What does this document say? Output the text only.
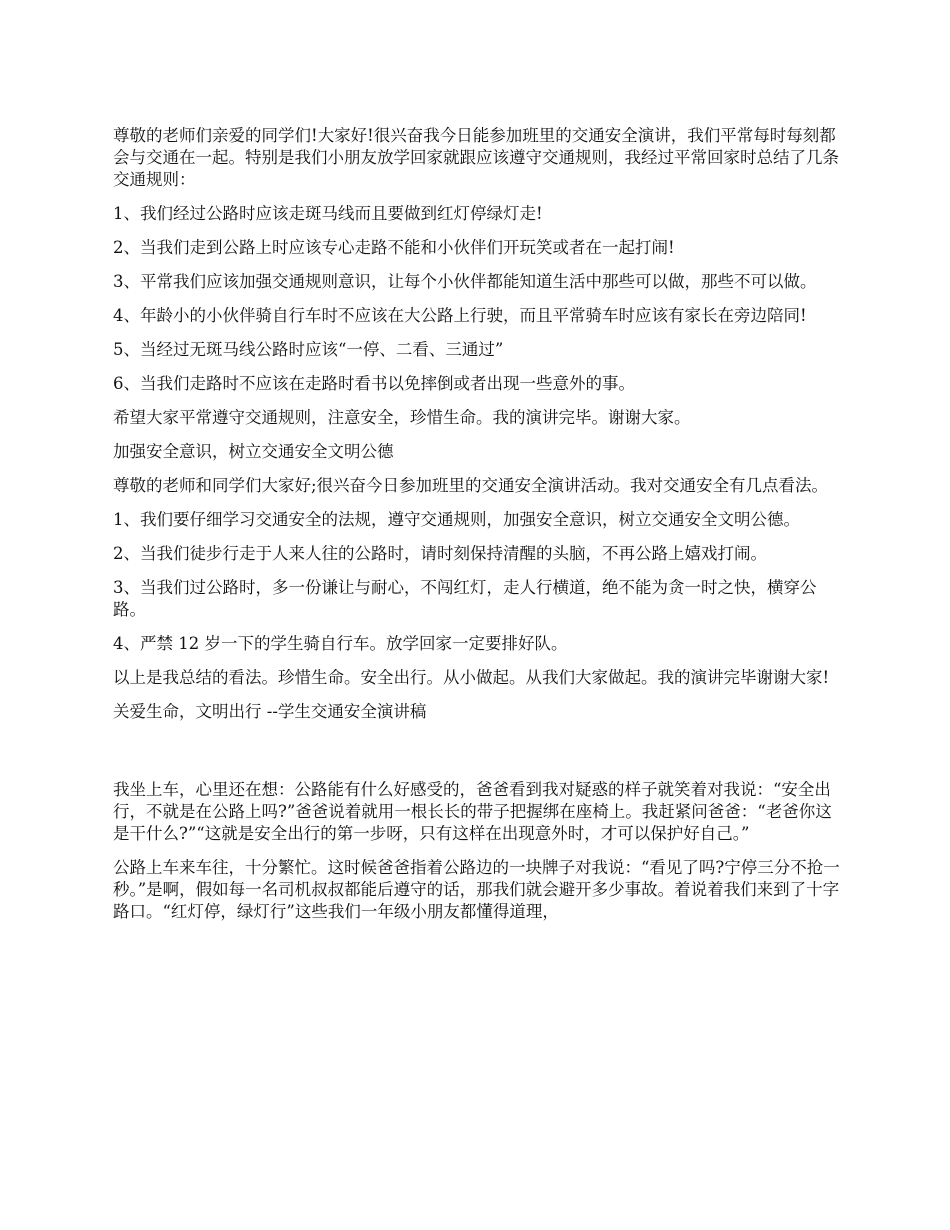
尊敬的老师们亲爱的同学们!大家好!很兴奋我今日能参加班里的交通安全演讲，我们平常每时每刻都会与交通在一起。特别是我们小朋友放学回家就跟应该遵守交通规则，我经过平常回家时总结了几条交通规则：

1、我们经过公路时应该走斑马线而且要做到红灯停绿灯走!

2、当我们走到公路上时应该专心走路不能和小伙伴们开玩笑或者在一起打闹!

3、平常我们应该加强交通规则意识，让每个小伙伴都能知道生活中那些可以做，那些不可以做。

4、年龄小的小伙伴骑自行车时不应该在大公路上行驶，而且平常骑车时应该有家长在旁边陪同!

5、当经过无斑马线公路时应该“一停、二看、三通过”

6、当我们走路时不应该在走路时看书以免摔倒或者出现一些意外的事。

希望大家平常遵守交通规则，注意安全，珍惜生命。我的演讲完毕。谢谢大家。

加强安全意识，树立交通安全文明公德

尊敬的老师和同学们大家好;很兴奋今日参加班里的交通安全演讲活动。我对交通安全有几点看法。

1、我们要仔细学习交通安全的法规，遵守交通规则，加强安全意识，树立交通安全文明公德。

2、当我们徒步行走于人来人往的公路时，请时刻保持清醒的头脑，不再公路上嬉戏打闹。

3、当我们过公路时，多一份谦让与耐心，不闯红灯，走人行横道，绝不能为贪一时之快，横穿公路。

4、严禁 12 岁一下的学生骑自行车。放学回家一定要排好队。

以上是我总结的看法。珍惜生命。安全出行。从小做起。从我们大家做起。我的演讲完毕谢谢大家!

关爱生命，文明出行 --学生交通安全演讲稿

我坐上车，心里还在想：公路能有什么好感受的，爸爸看到我对疑惑的样子就笑着对我说：“安全出行，不就是在公路上吗?”爸爸说着就用一根长长的带子把握绑在座椅上。我赶紧问爸爸：“老爸你这是干什么?”“这就是安全出行的第一步呀，只有这样在出现意外时，才可以保护好自己。”

公路上车来车往，十分繁忙。这时候爸爸指着公路边的一块牌子对我说：“看见了吗?宁停三分不抢一秒。”是啊，假如每一名司机叔叔都能后遵守的话，那我们就会避开多少事故。着说着我们来到了十字路口。“红灯停，绿灯行”这些我们一年级小朋友都懂得道理，
